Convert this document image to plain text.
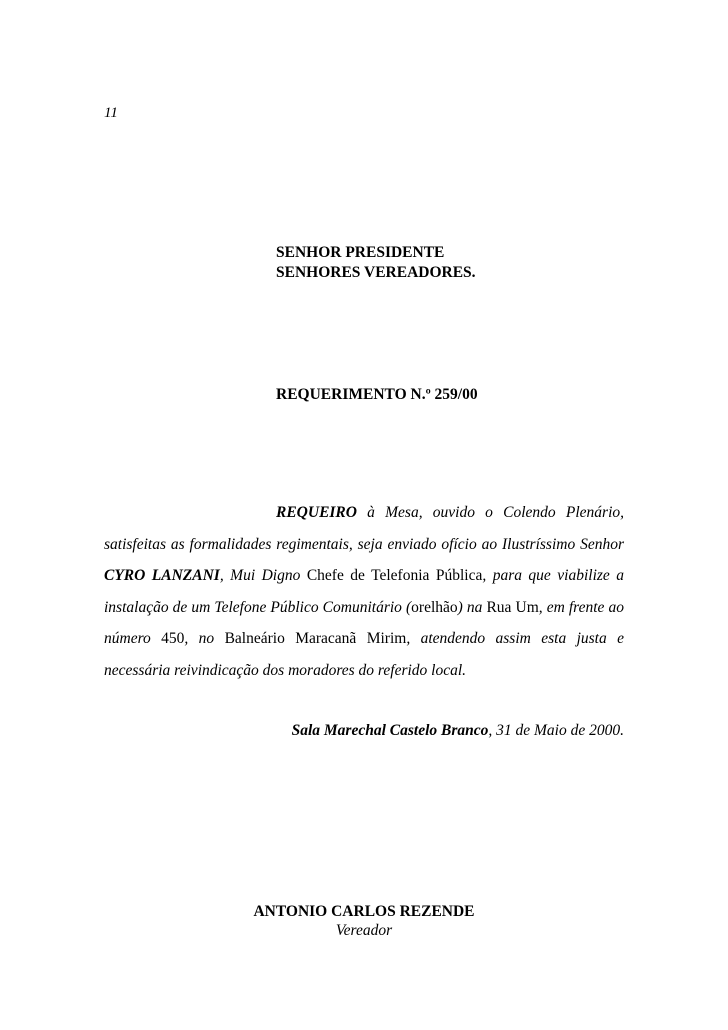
11
SENHOR PRESIDENTE
SENHORES VEREADORES.
REQUERIMENTO N.º 259/00
REQUEIRO à Mesa, ouvido o Colendo Plenário, satisfeitas as formalidades regimentais, seja enviado ofício ao Ilustríssimo Senhor CYRO LANZANI, Mui Digno Chefe de Telefonia Pública, para que viabilize a instalação de um Telefone Público Comunitário (orelhão) na Rua Um, em frente ao número 450, no Balneário Maracanã Mirim, atendendo assim esta justa e necessária reivindicação dos moradores do referido local.
Sala Marechal Castelo Branco, 31 de Maio de 2000.
ANTONIO CARLOS REZENDE
Vereador
